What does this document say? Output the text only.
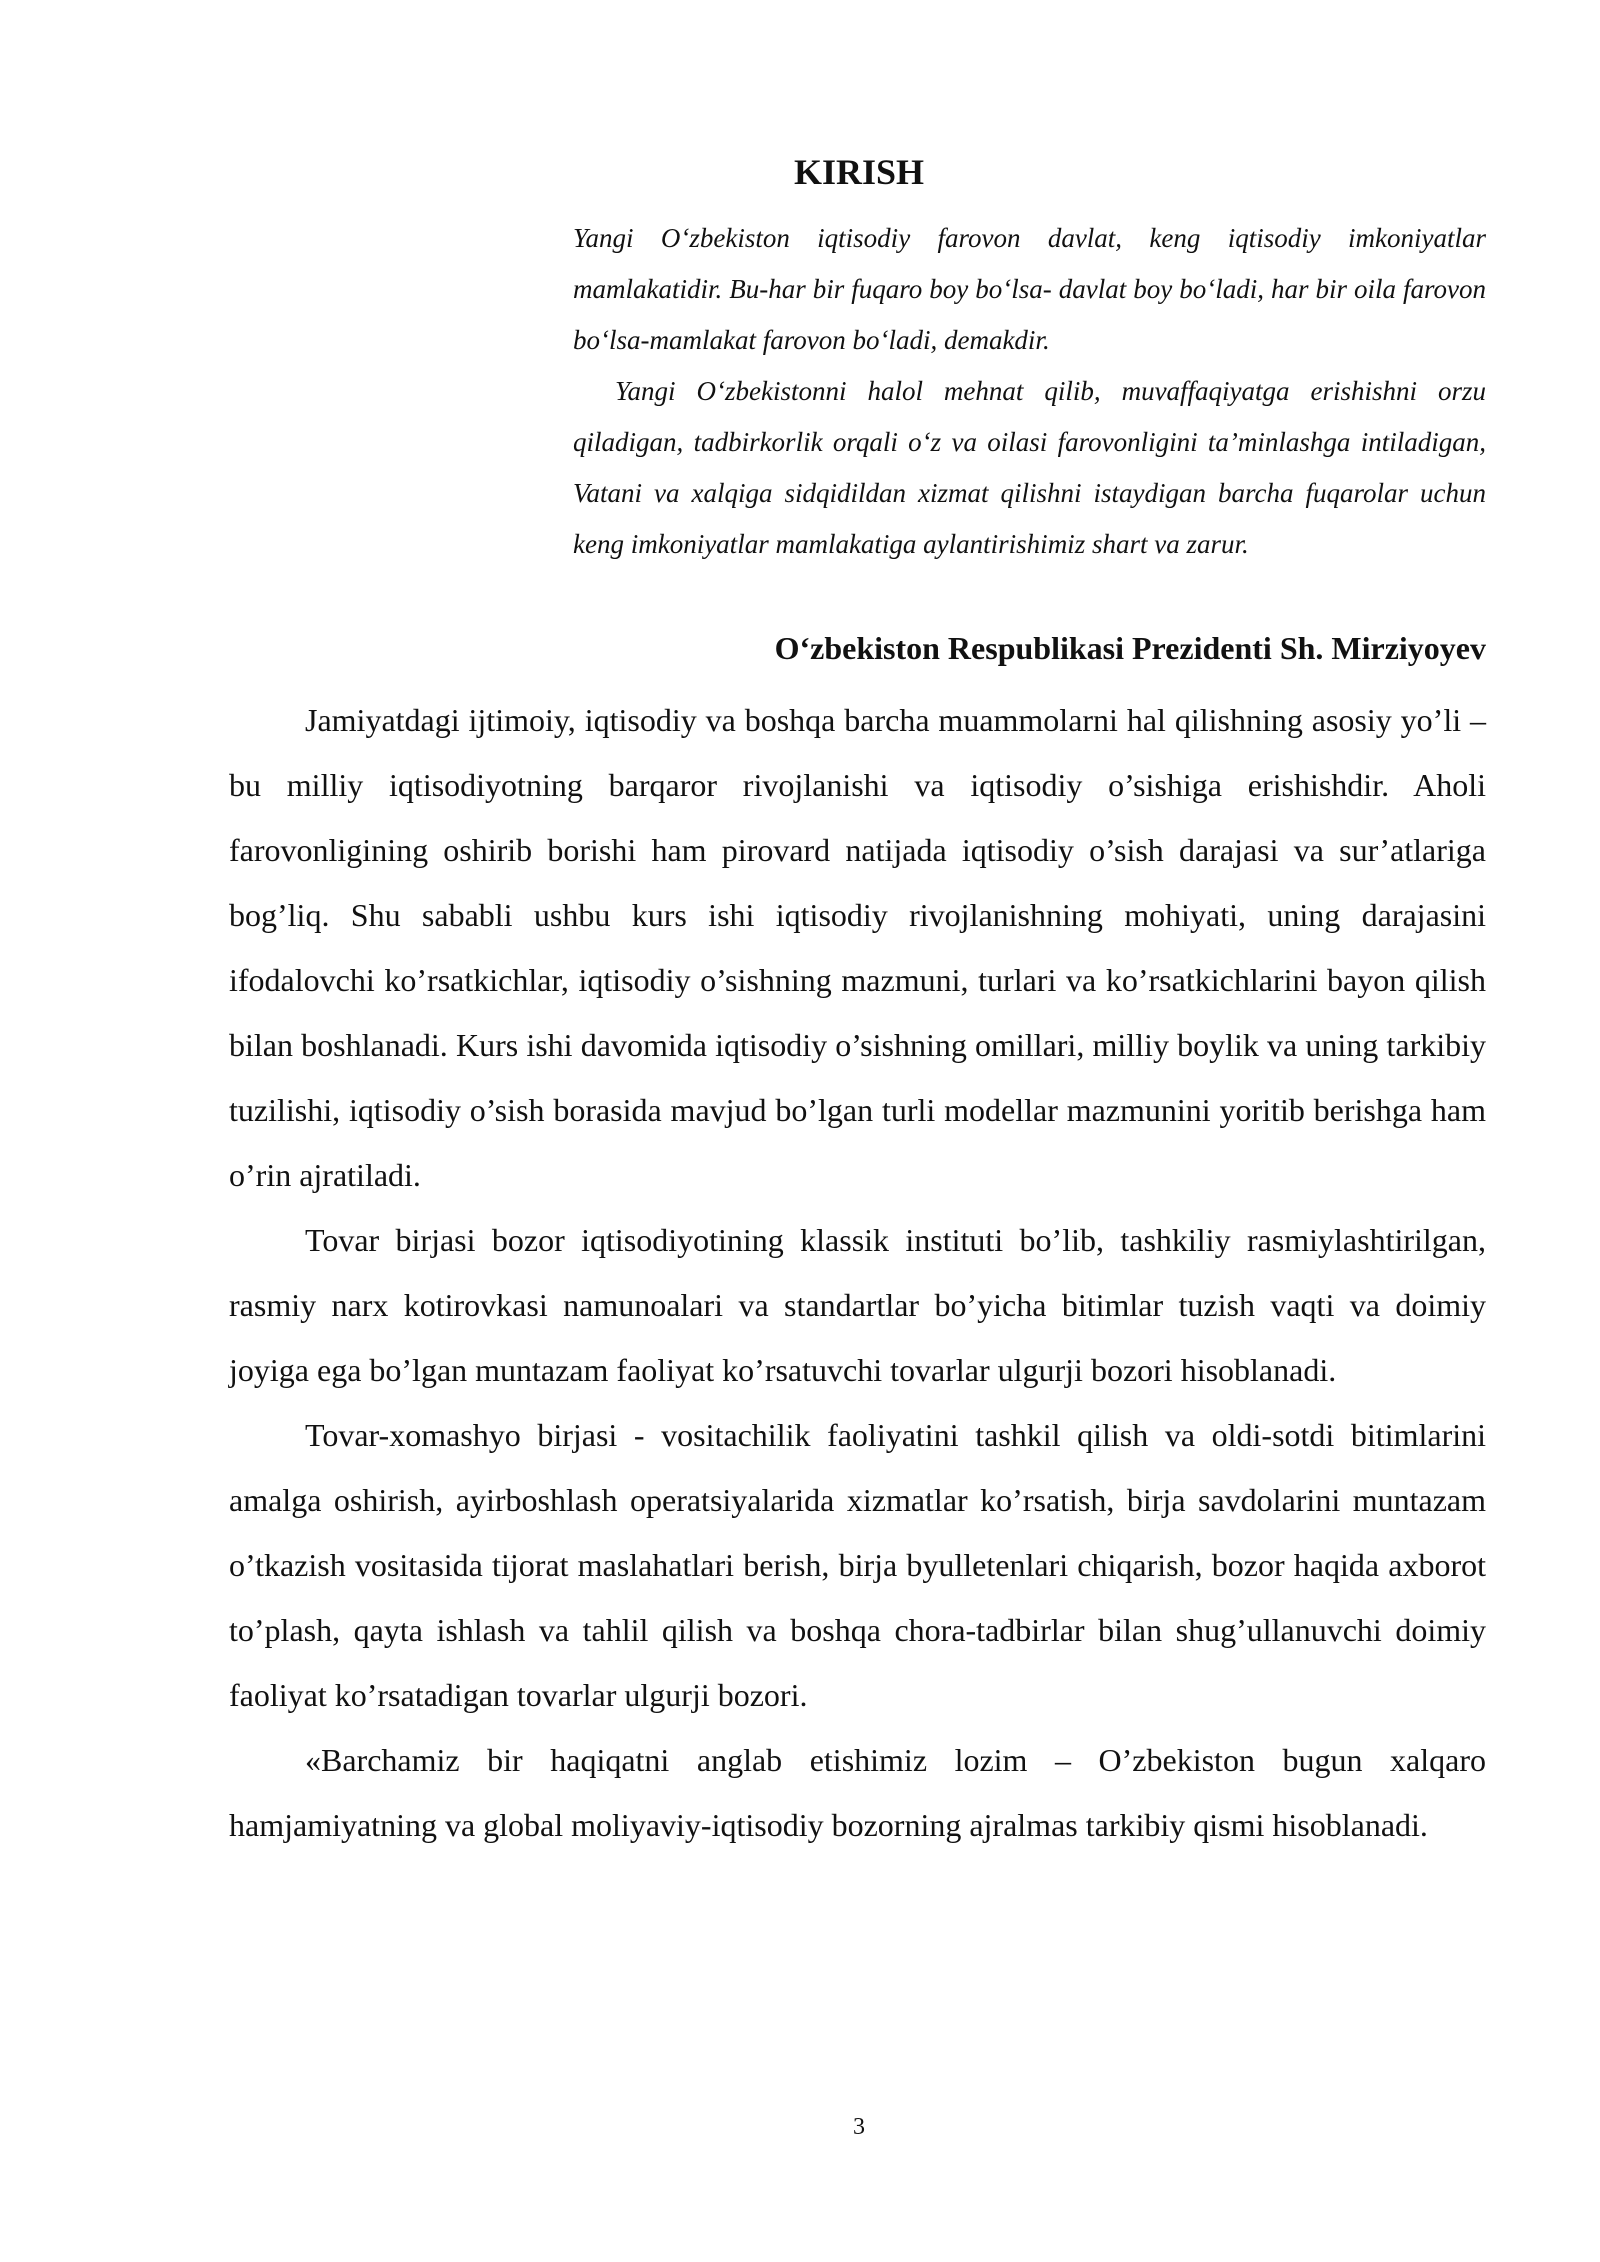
KIRISH

Yangi O‘zbekiston iqtisodiy farovon davlat, keng iqtisodiy imkoniyatlar mamlakatidir. Bu-har bir fuqaro boy bo‘lsa- davlat boy bo‘ladi, har bir oila farovon bo‘lsa-mamlakat farovon bo‘ladi, demakdir.

Yangi O‘zbekistonni halol mehnat qilib, muvaffaqiyatga erishishni orzu qiladigan, tadbirkorlik orqali o‘z va oilasi farovonligini ta’minlashga intiladigan, Vatani va xalqiga sidqidildan xizmat qilishni istaydigan barcha fuqarolar uchun keng imkoniyatlar mamlakatiga aylantirishimiz shart va zarur.

O‘zbekiston Respublikasi Prezidenti Sh. Mirziyoyev

Jamiyatdagi ijtimoiy, iqtisodiy va boshqa barcha muammolarni hal qilishning asosiy yo’li – bu milliy iqtisodiyotning barqaror rivojlanishi va iqtisodiy o’sishiga erishishdir. Aholi farovonligining oshirib borishi ham pirovard natijada iqtisodiy o’sish darajasi va sur’atlariga bog’liq. Shu sababli ushbu kurs ishi iqtisodiy rivojlanishning mohiyati, uning darajasini ifodalovchi ko’rsatkichlar, iqtisodiy o’sishning mazmuni, turlari va ko’rsatkichlarini bayon qilish bilan boshlanadi. Kurs ishi davomida iqtisodiy o’sishning omillari, milliy boylik va uning tarkibiy tuzilishi, iqtisodiy o’sish borasida mavjud bo’lgan turli modellar mazmunini yoritib berishga ham o’rin ajratiladi.

Tovar birjasi bozor iqtisodiyotining klassik instituti bo’lib, tashkiliy rasmiylashtirilgan, rasmiy narx kotirovkasi namunoalari va standartlar bo’yicha bitimlar tuzish vaqti va doimiy joyiga ega bo’lgan muntazam faoliyat ko’rsatuvchi tovarlar ulgurji bozori hisoblanadi.

Tovar-xomashyo birjasi - vositachilik faoliyatini tashkil qilish va oldi-sotdi bitimlarini amalga oshirish, ayirboshlash operatsiyalarida xizmatlar ko’rsatish, birja savdolarini muntazam o’tkazish vositasida tijorat maslahatlari berish, birja byulletenlari chiqarish, bozor haqida axborot to’plash, qayta ishlash va tahlil qilish va boshqa chora-tadbirlar bilan shug’ullanuvchi doimiy faoliyat ko’rsatadigan tovarlar ulgurji bozori.

«Barchamiz bir haqiqatni anglab etishimiz lozim – O’zbekiston bugun xalqaro hamjamiyatning va global moliyaviy-iqtisodiy bozorning ajralmas tarkibiy qismi hisoblanadi.

3
